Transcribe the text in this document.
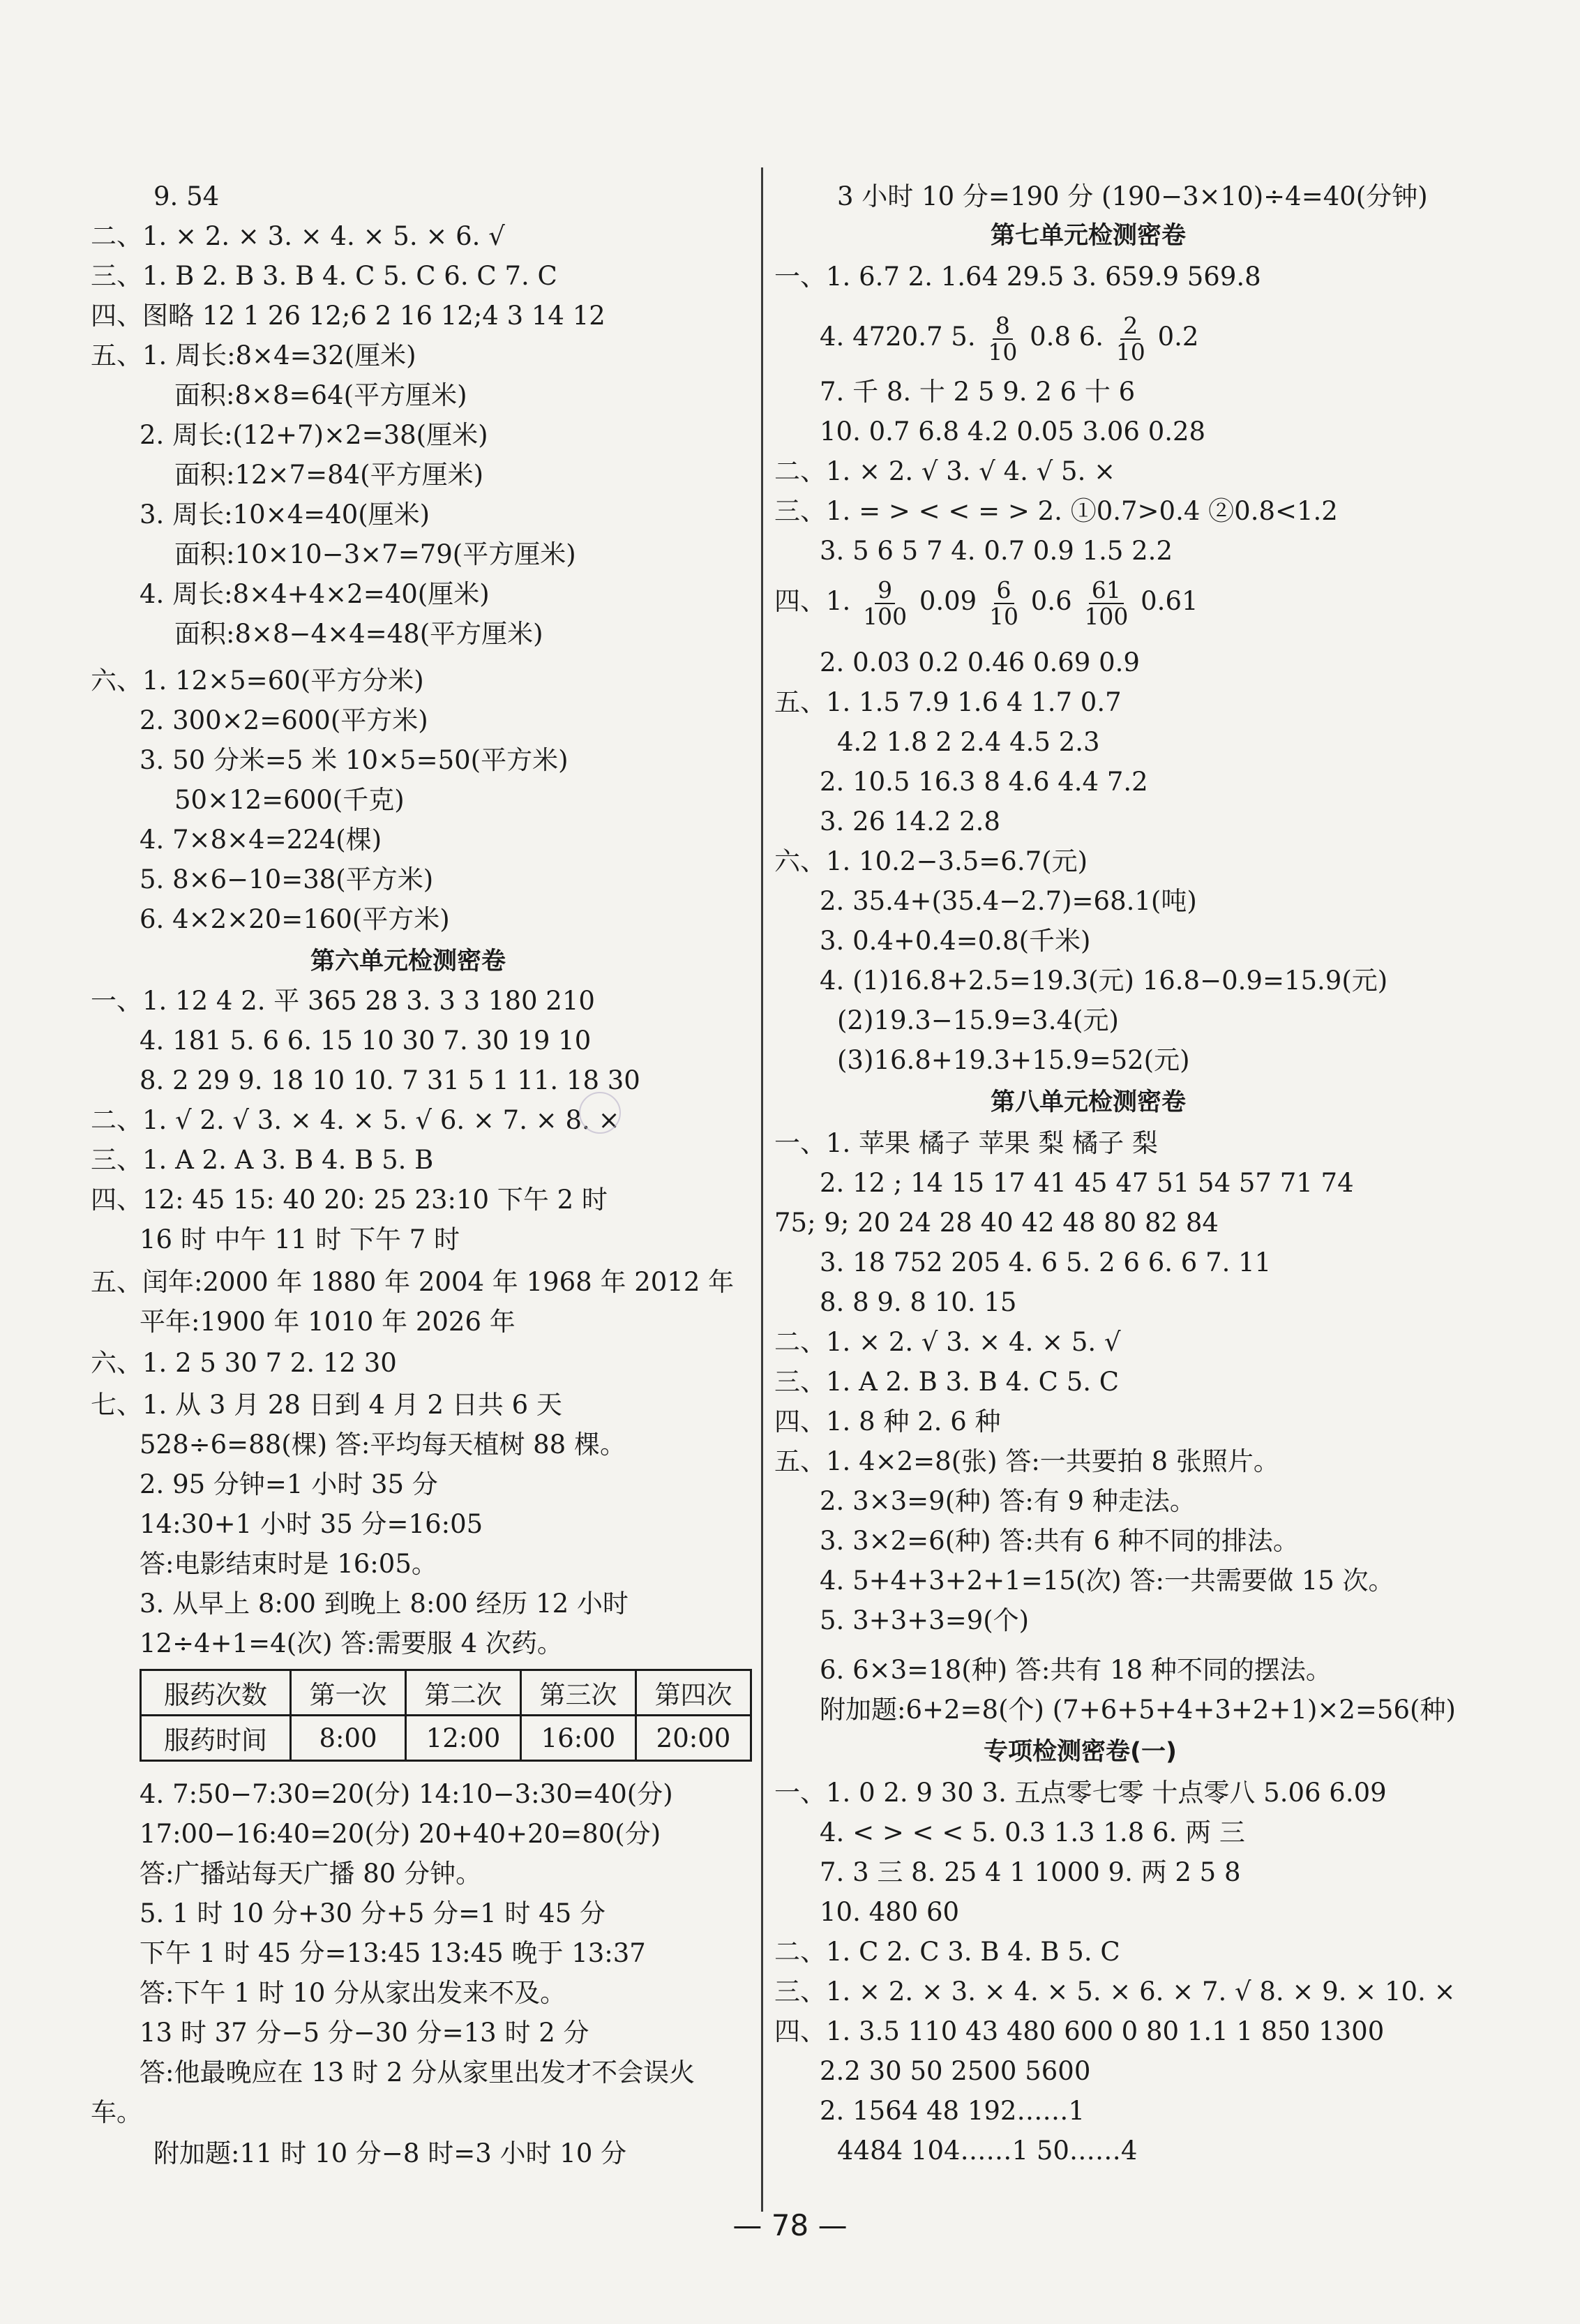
9. 54
二、1. × 2. × 3. × 4. × 5. × 6. √
三、1. B 2. B 3. B 4. C 5. C 6. C 7. C
四、图略 12 1 26 12;6 2 16 12;4 3 14 12
五、1. 周长:8×4=32(厘米)
面积:8×8=64(平方厘米)
2. 周长:(12+7)×2=38(厘米)
面积:12×7=84(平方厘米)
3. 周长:10×4=40(厘米)
面积:10×10−3×7=79(平方厘米)
4. 周长:8×4+4×2=40(厘米)
面积:8×8−4×4=48(平方厘米)
六、1. 12×5=60(平方分米)
2. 300×2=600(平方米)
3. 50 分米=5 米 10×5=50(平方米)
50×12=600(千克)
4. 7×8×4=224(棵)
5. 8×6−10=38(平方米)
6. 4×2×20=160(平方米)
第六单元检测密卷
一、1. 12 4 2. 平 365 28 3. 3 3 180 210
4. 181 5. 6 6. 15 10 30 7. 30 19 10
8. 2 29 9. 18 10 10. 7 31 5 1 11. 18 30
二、1. √ 2. √ 3. × 4. × 5. √ 6. × 7. × 8. ×
三、1. A 2. A 3. B 4. B 5. B
四、12: 45 15: 40 20: 25 23:10 下午 2 时
16 时 中午 11 时 下午 7 时
五、闰年:2000 年 1880 年 2004 年 1968 年 2012 年
平年:1900 年 1010 年 2026 年
六、1. 2 5 30 7 2. 12 30
七、1. 从 3 月 28 日到 4 月 2 日共 6 天
528÷6=88(棵) 答:平均每天植树 88 棵。
2. 95 分钟=1 小时 35 分
14:30+1 小时 35 分=16:05
答:电影结束时是 16:05。
3. 从早上 8:00 到晚上 8:00 经历 12 小时
12÷4+1=4(次) 答:需要服 4 次药。
服药次数	第一次	第二次	第三次	第四次
服药时间	8:00	12:00	16:00	20:00
4. 7:50−7:30=20(分) 14:10−3:30=40(分)
17:00−16:40=20(分) 20+40+20=80(分)
答:广播站每天广播 80 分钟。
5. 1 时 10 分+30 分+5 分=1 时 45 分
下午 1 时 45 分=13:45 13:45 晚于 13:37
答:下午 1 时 10 分从家出发来不及。
13 时 37 分−5 分−30 分=13 时 2 分
答:他最晚应在 13 时 2 分从家里出发才不会误火
车。
附加题:11 时 10 分−8 时=3 小时 10 分
3 小时 10 分=190 分 (190−3×10)÷4=40(分钟)
第七单元检测密卷
一、1. 6.7 2. 1.64 29.5 3. 659.9 569.8
4. 4720.7 5. $\frac{8}{10} 0.8$ 6. $\frac{2}{10} 0.2$
7. 千 8. 十 2 5 9. 2 6 十 6
10. 0.7 6.8 4.2 0.05 3.06 0.28
二、1. × 2. √ 3. √ 4. √ 5. ×
三、1. = > < < = > 2. ①0.7>0.4 ②0.8<1.2
3. 5 6 5 7 4. 0.7 0.9 1.5 2.2
四、1. $\frac{9}{100} 0.09 \frac{6}{10} 0.6 \frac{61}{100} 0.61$
2. 0.03 0.2 0.46 0.69 0.9
五、1. 1.5 7.9 1.6 4 1.7 0.7
4.2 1.8 2 2.4 4.5 2.3
2. 10.5 16.3 8 4.6 4.4 7.2
3. 26 14.2 2.8
六、1. 10.2−3.5=6.7(元)
2. 35.4+(35.4−2.7)=68.1(吨)
3. 0.4+0.4=0.8(千米)
4. (1)16.8+2.5=19.3(元) 16.8−0.9=15.9(元)
(2)19.3−15.9=3.4(元)
(3)16.8+19.3+15.9=52(元)
第八单元检测密卷
一、1. 苹果 橘子 苹果 梨 橘子 梨
2. 12 ; 14 15 17 41 45 47 51 54 57 71 74
75; 9; 20 24 28 40 42 48 80 82 84
3. 18 752 205 4. 6 5. 2 6 6. 6 7. 11
8. 8 9. 8 10. 15
二、1. × 2. √ 3. × 4. × 5. √
三、1. A 2. B 3. B 4. C 5. C
四、1. 8 种 2. 6 种
五、1. 4×2=8(张) 答:一共要拍 8 张照片。
2. 3×3=9(种) 答:有 9 种走法。
3. 3×2=6(种) 答:共有 6 种不同的排法。
4. 5+4+3+2+1=15(次) 答:一共需要做 15 次。
5. 3+3+3=9(个)
6. 6×3=18(种) 答:共有 18 种不同的摆法。
附加题:6+2=8(个) (7+6+5+4+3+2+1)×2=56(种)
专项检测密卷(一)
一、1. 0 2. 9 30 3. 五点零七零 十点零八 5.06 6.09
4. < > < < 5. 0.3 1.3 1.8 6. 两 三
7. 3 三 8. 25 4 1 1000 9. 两 2 5 8
10. 480 60
二、1. C 2. C 3. B 4. B 5. C
三、1. × 2. × 3. × 4. × 5. × 6. × 7. √ 8. × 9. × 10. ×
四、1. 3.5 110 43 480 600 0 80 1.1 1 850 1300
2.2 30 50 2500 5600
2. 1564 48 192……1
4484 104……1 50……4
— 78 —
